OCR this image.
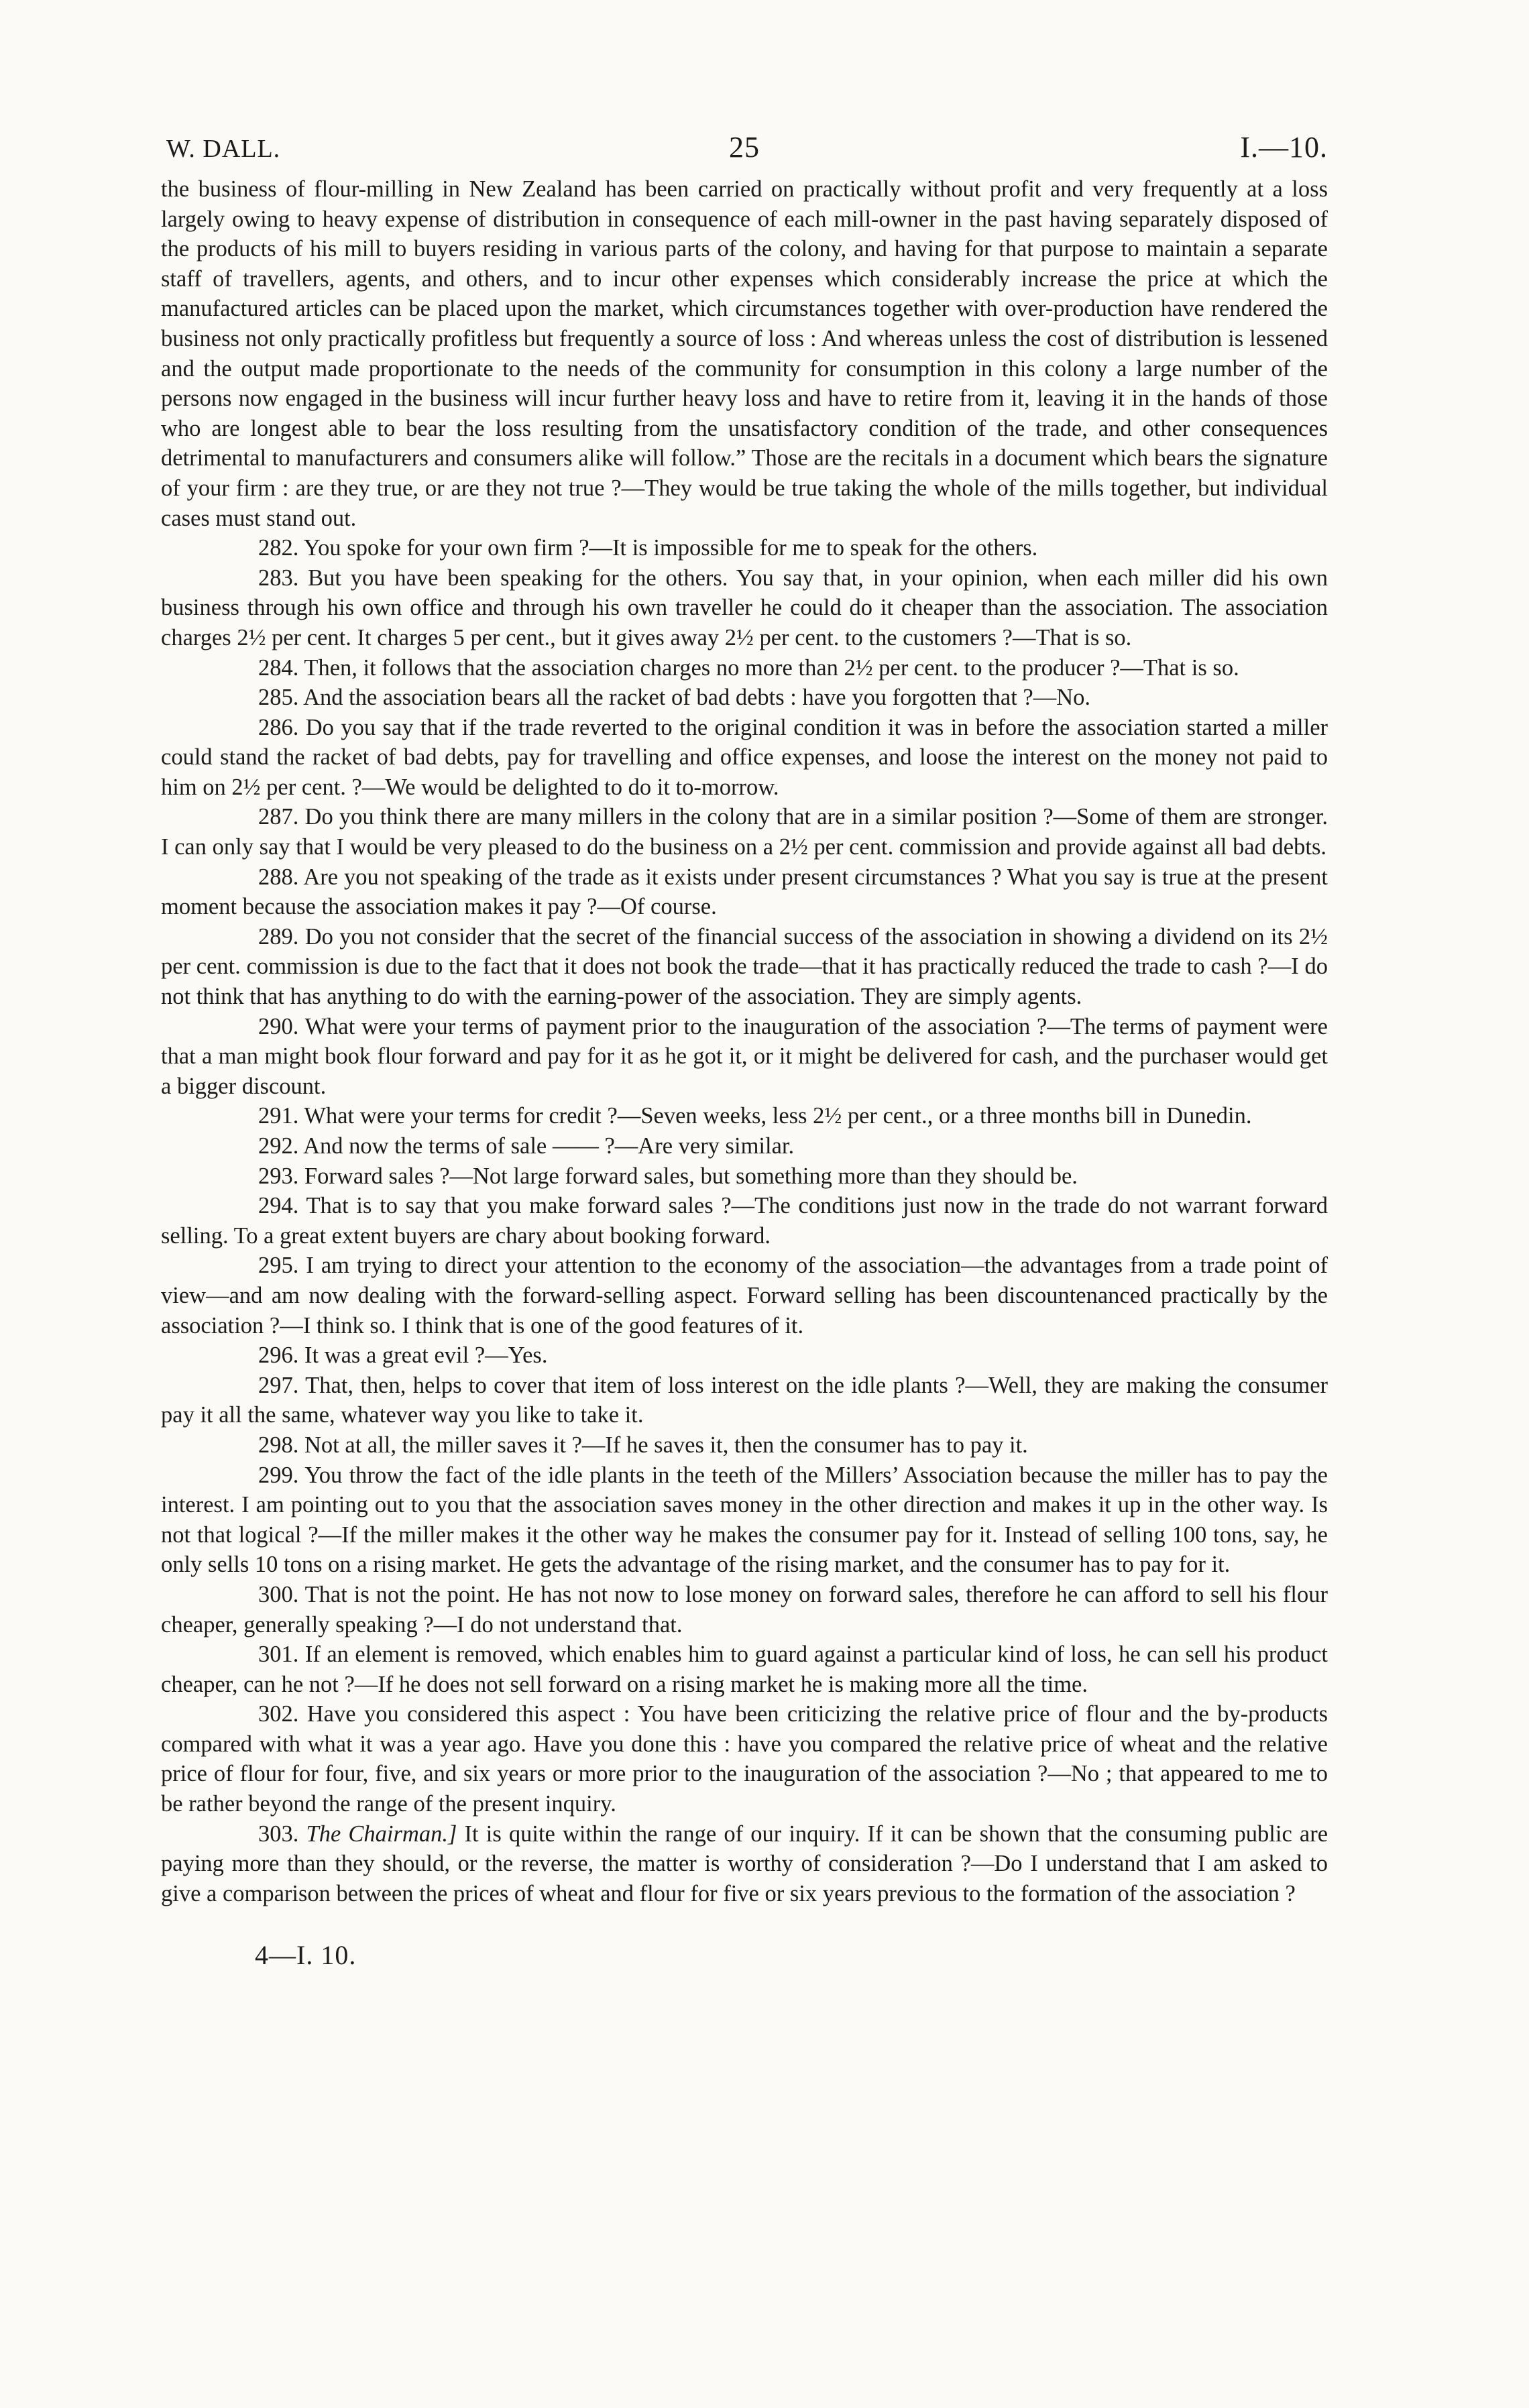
W. DALL.	25	I.—10.

the business of flour-milling in New Zealand has been carried on practically without profit and very frequently at a loss largely owing to heavy expense of distribution in consequence of each mill-owner in the past having separately disposed of the products of his mill to buyers residing in various parts of the colony, and having for that purpose to maintain a separate staff of travellers, agents, and others, and to incur other expenses which considerably increase the price at which the manufactured articles can be placed upon the market, which circumstances together with over-production have rendered the business not only practically profitless but frequently a source of loss : And whereas unless the cost of distribution is lessened and the output made proportionate to the needs of the community for consumption in this colony a large number of the persons now engaged in the business will incur further heavy loss and have to retire from it, leaving it in the hands of those who are longest able to bear the loss resulting from the unsatisfactory condition of the trade, and other consequences detrimental to manufacturers and consumers alike will follow.” Those are the recitals in a document which bears the signature of your firm : are they true, or are they not true ?—They would be true taking the whole of the mills together, but individual cases must stand out.

282. You spoke for your own firm ?—It is impossible for me to speak for the others.

283. But you have been speaking for the others. You say that, in your opinion, when each miller did his own business through his own office and through his own traveller he could do it cheaper than the association. The association charges 2½ per cent. It charges 5 per cent., but it gives away 2½ per cent. to the customers ?—That is so.

284. Then, it follows that the association charges no more than 2½ per cent. to the producer ?—That is so.

285. And the association bears all the racket of bad debts : have you forgotten that ?—No.

286. Do you say that if the trade reverted to the original condition it was in before the association started a miller could stand the racket of bad debts, pay for travelling and office expenses, and loose the interest on the money not paid to him on 2½ per cent. ?—We would be delighted to do it to-morrow.

287. Do you think there are many millers in the colony that are in a similar position ?—Some of them are stronger. I can only say that I would be very pleased to do the business on a 2½ per cent. commission and provide against all bad debts.

288. Are you not speaking of the trade as it exists under present circumstances ? What you say is true at the present moment because the association makes it pay ?—Of course.

289. Do you not consider that the secret of the financial success of the association in showing a dividend on its 2½ per cent. commission is due to the fact that it does not book the trade—that it has practically reduced the trade to cash ?—I do not think that has anything to do with the earning-power of the association. They are simply agents.

290. What were your terms of payment prior to the inauguration of the association ?—The terms of payment were that a man might book flour forward and pay for it as he got it, or it might be delivered for cash, and the purchaser would get a bigger discount.

291. What were your terms for credit ?—Seven weeks, less 2½ per cent., or a three months bill in Dunedin.

292. And now the terms of sale —— ?—Are very similar.

293. Forward sales ?—Not large forward sales, but something more than they should be.

294. That is to say that you make forward sales ?—The conditions just now in the trade do not warrant forward selling. To a great extent buyers are chary about booking forward.

295. I am trying to direct your attention to the economy of the association—the advantages from a trade point of view—and am now dealing with the forward-selling aspect. Forward selling has been discountenanced practically by the association ?—I think so. I think that is one of the good features of it.

296. It was a great evil ?—Yes.

297. That, then, helps to cover that item of loss interest on the idle plants ?—Well, they are making the consumer pay it all the same, whatever way you like to take it.

298. Not at all, the miller saves it ?—If he saves it, then the consumer has to pay it.

299. You throw the fact of the idle plants in the teeth of the Millers’ Association because the miller has to pay the interest. I am pointing out to you that the association saves money in the other direction and makes it up in the other way. Is not that logical ?—If the miller makes it the other way he makes the consumer pay for it. Instead of selling 100 tons, say, he only sells 10 tons on a rising market. He gets the advantage of the rising market, and the consumer has to pay for it.

300. That is not the point. He has not now to lose money on forward sales, therefore he can afford to sell his flour cheaper, generally speaking ?—I do not understand that.

301. If an element is removed, which enables him to guard against a particular kind of loss, he can sell his product cheaper, can he not ?—If he does not sell forward on a rising market he is making more all the time.

302. Have you considered this aspect : You have been criticizing the relative price of flour and the by-products compared with what it was a year ago. Have you done this : have you compared the relative price of wheat and the relative price of flour for four, five, and six years or more prior to the inauguration of the association ?—No ; that appeared to me to be rather beyond the range of the present inquiry.

303. The Chairman.] It is quite within the range of our inquiry. If it can be shown that the consuming public are paying more than they should, or the reverse, the matter is worthy of consideration ?—Do I understand that I am asked to give a comparison between the prices of wheat and flour for five or six years previous to the formation of the association ?

4—I. 10.
